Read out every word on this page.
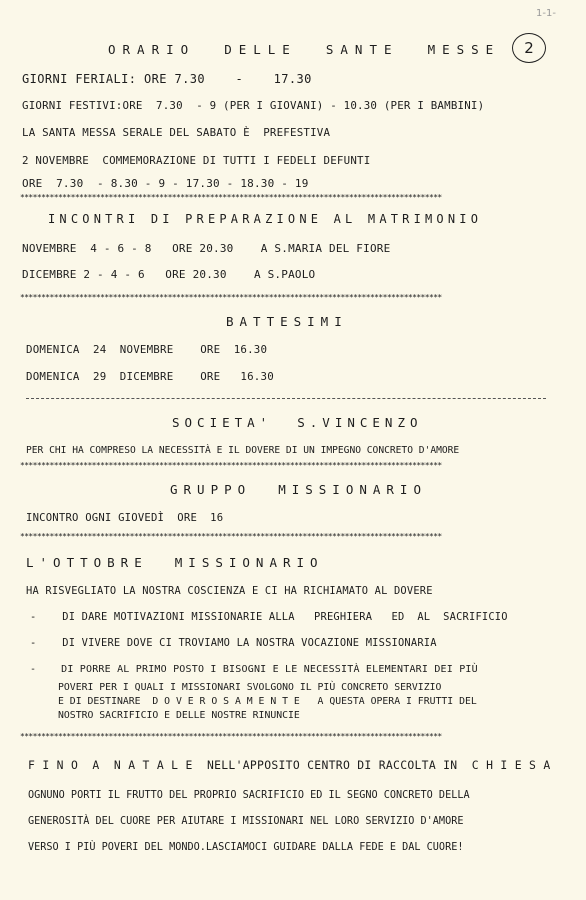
1-1-
2
ORARIO  DELLE  SANTE  MESSE
GIORNI FERIALI: ORE 7.30    -    17.30
GIORNI FESTIVI:ORE  7.30  - 9 (PER I GIOVANI) - 10.30 (PER I BAMBINI)
LA SANTA MESSA SERALE DEL SABATO È  PREFESTIVA
2 NOVEMBRE  COMMEMORAZIONE DI TUTTI I FEDELI DEFUNTI
ORE  7.30  - 8.30 - 9 - 17.30 - 18.30 - 19
****************************************************************************************************
INCONTRI DI PREPARAZIONE AL MATRIMONIO
NOVEMBRE  4 - 6 - 8   ORE 20.30    A S.MARIA DEL FIORE
DICEMBRE 2 - 4 - 6   ORE 20.30    A S.PAOLO
****************************************************************************************************
BATTESIMI
DOMENICA  24  NOVEMBRE    ORE  16.30
DOMENICA  29  DICEMBRE    ORE   16.30
SOCIETA'  S.VINCENZO
PER CHI HA COMPRESO LA NECESSITÀ E IL DOVERE DI UN IMPEGNO CONCRETO D'AMORE
****************************************************************************************************
GRUPPO  MISSIONARIO
INCONTRO OGNI GIOVEDÌ  ORE  16
****************************************************************************************************
L'OTTOBRE  MISSIONARIO
HA RISVEGLIATO LA NOSTRA COSCIENZA E CI HA RICHIAMATO AL DOVERE
-    DI DARE MOTIVAZIONI MISSIONARIE ALLA   PREGHIERA   ED  AL  SACRIFICIO
-    DI VIVERE DOVE CI TROVIAMO LA NOSTRA VOCAZIONE MISSIONARIA
-    DI PORRE AL PRIMO POSTO I BISOGNI E LE NECESSITÀ ELEMENTARI DEI PIÙ
POVERI PER I QUALI I MISSIONARI SVOLGONO IL PIÙ CONCRETO SERVIZIO
E DI DESTINARE  D O V E R O S A M E N T E   A QUESTA OPERA I FRUTTI DEL
NOSTRO SACRIFICIO E DELLE NOSTRE RINUNCIE
****************************************************************************************************
F I N O  A  N A T A L E  NELL'APPOSITO CENTRO DI RACCOLTA IN  C H I E S A
OGNUNO PORTI IL FRUTTO DEL PROPRIO SACRIFICIO ED IL SEGNO CONCRETO DELLA
GENEROSITÀ DEL CUORE PER AIUTARE I MISSIONARI NEL LORO SERVIZIO D'AMORE
VERSO I PIÙ POVERI DEL MONDO.LASCIAMOCI GUIDARE DALLA FEDE E DAL CUORE!
